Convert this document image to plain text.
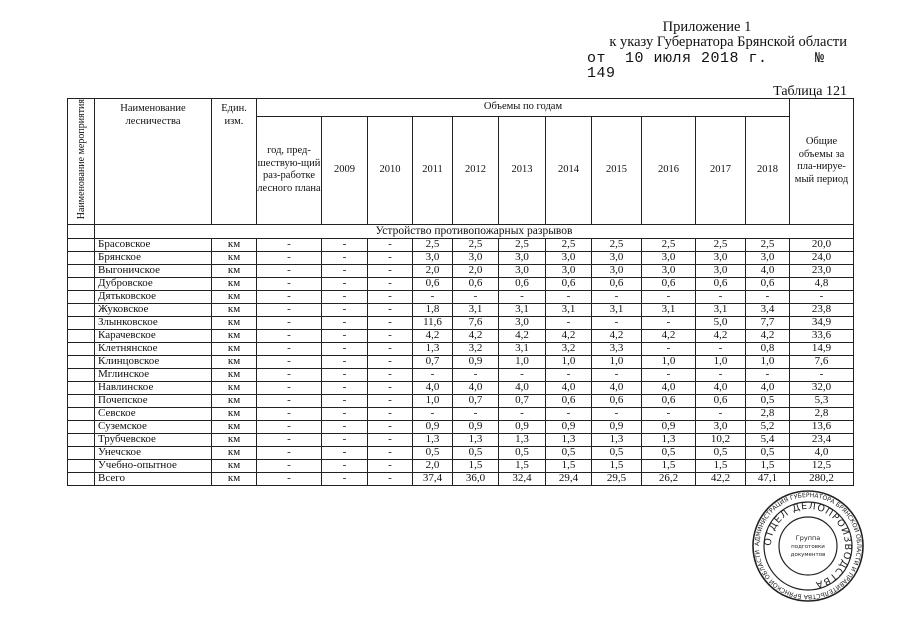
Приложение 1
к указу Губернатора Брянской области
от 10 июля 2018 г.	№  149
Таблица 121
Наименование мероприятия	Наименование лесничества	Един. изм.	Объемы по годам											Общие объемы за пла-нируе-мый период
			год, пред-шествую-щий раз-работке лесного плана	2009	2010	2011	2012	2013	2014	2015	2016	2017	2018	
	Устройство противопожарных разрывов													
	Брасовское	км	-	-	-	2,5	2,5	2,5	2,5	2,5	2,5	2,5	2,5	20,0
	Брянское	км	-	-	-	3,0	3,0	3,0	3,0	3,0	3,0	3,0	3,0	24,0
	Выгоничское	км	-	-	-	2,0	2,0	3,0	3,0	3,0	3,0	3,0	4,0	23,0
	Дубровское	км	-	-	-	0,6	0,6	0,6	0,6	0,6	0,6	0,6	0,6	4,8
	Дятьковское	км	-	-	-	-	-	-	-	-	-	-	-	-
	Жуковское	км	-	-	-	1,8	3,1	3,1	3,1	3,1	3,1	3,1	3,4	23,8
	Злынковское	км	-	-	-	11,6	7,6	3,0	-	-	-	5,0	7,7	34,9
	Карачевское	км	-	-	-	4,2	4,2	4,2	4,2	4,2	4,2	4,2	4,2	33,6
	Клетнянское	км	-	-	-	1,3	3,2	3,1	3,2	3,3	-	-	0,8	14,9
	Клинцовское	км	-	-	-	0,7	0,9	1,0	1,0	1,0	1,0	1,0	1,0	7,6
	Мглинское	км	-	-	-	-	-	-	-	-	-	-	-	-
	Навлинское	км	-	-	-	4,0	4,0	4,0	4,0	4,0	4,0	4,0	4,0	32,0
	Почепское	км	-	-	-	1,0	0,7	0,7	0,6	0,6	0,6	0,6	0,5	5,3
	Севское	км	-	-	-	-	-	-	-	-	-	-	2,8	2,8
	Суземское	км	-	-	-	0,9	0,9	0,9	0,9	0,9	0,9	3,0	5,2	13,6
	Трубчевское	км	-	-	-	1,3	1,3	1,3	1,3	1,3	1,3	10,2	5,4	23,4
	Унечское	км	-	-	-	0,5	0,5	0,5	0,5	0,5	0,5	0,5	0,5	4,0
	Учебно-опытное	км	-	-	-	2,0	1,5	1,5	1,5	1,5	1,5	1,5	1,5	12,5
	Всего	км	-	-	-	37,4	36,0	32,4	29,4	29,5	26,2	42,2	47,1	280,2
АДМИНИСТРАЦИЯ ГУБЕРНАТОРА БРЯНСКОЙ ОБЛАСТИ И ПРАВИТЕЛЬСТВА БРЯНСКОЙ ОБЛАСТИ
ОТДЕЛ ДЕЛОПРОИЗВОДСТВА
Группа
подготовки
документов
